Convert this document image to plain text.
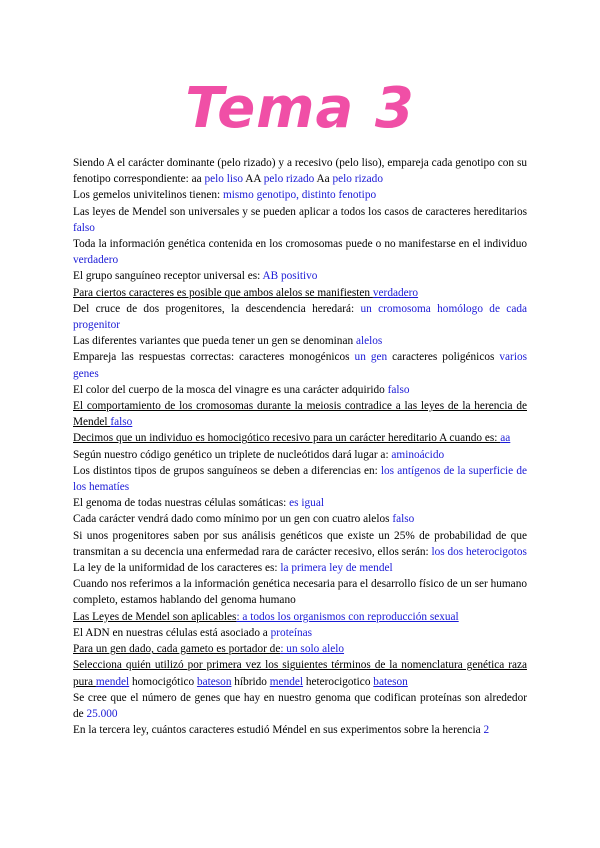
Tema 3

Siendo A el carácter dominante (pelo rizado) y a recesivo (pelo liso), empareja cada genotipo con su fenotipo correspondiente: aa pelo liso AA pelo rizado Aa pelo rizado

Los gemelos univitelinos tienen: mismo genotipo, distinto fenotipo

Las leyes de Mendel son universales y se pueden aplicar a todos los casos de caracteres hereditarios falso

Toda la información genética contenida en los cromosomas puede o no manifestarse en el individuo verdadero

El grupo sanguíneo receptor universal es: AB positivo

Para ciertos caracteres es posible que ambos alelos se manifiesten verdadero

Del cruce de dos progenitores, la descendencia heredará: un cromosoma homólogo de cada progenitor

Las diferentes variantes que pueda tener un gen se denominan alelos

Empareja las respuestas correctas: caracteres monogénicos un gen caracteres poligénicos varios genes

El color del cuerpo de la mosca del vinagre es una carácter adquirido falso

El comportamiento de los cromosomas durante la meiosis contradice a las leyes de la herencia de Mendel falso

Decimos que un individuo es homocigótico recesivo para un carácter hereditario A cuando es: aa

Según nuestro código genético un triplete de nucleótidos dará lugar a: aminoácido

Los distintos tipos de grupos sanguíneos se deben a diferencias en: los antígenos de la superficie de los hematíes

El genoma de todas nuestras células somáticas: es igual

Cada carácter vendrá dado como mínimo por un gen con cuatro alelos falso

Si unos progenitores saben por sus análisis genéticos que existe un 25% de probabilidad de que transmitan a su decencia una enfermedad rara de carácter recesivo, ellos serán: los dos heterocigotos

La ley de la uniformidad de los caracteres es: la primera ley de mendel

Cuando nos referimos a la información genética necesaria para el desarrollo físico de un ser humano completo, estamos hablando del genoma humano

Las Leyes de Mendel son aplicables: a todos los organismos con reproducción sexual

El ADN en nuestras células está asociado a proteínas

Para un gen dado, cada gameto es portador de: un solo alelo

Selecciona quién utilizó por primera vez los siguientes términos de la nomenclatura genética raza pura mendel homocigótico bateson híbrido mendel heterocigotico bateson

Se cree que el número de genes que hay en nuestro genoma que codifican proteínas son alrededor de 25.000

En la tercera ley, cuántos caracteres estudió Méndel en sus experimentos sobre la herencia 2
